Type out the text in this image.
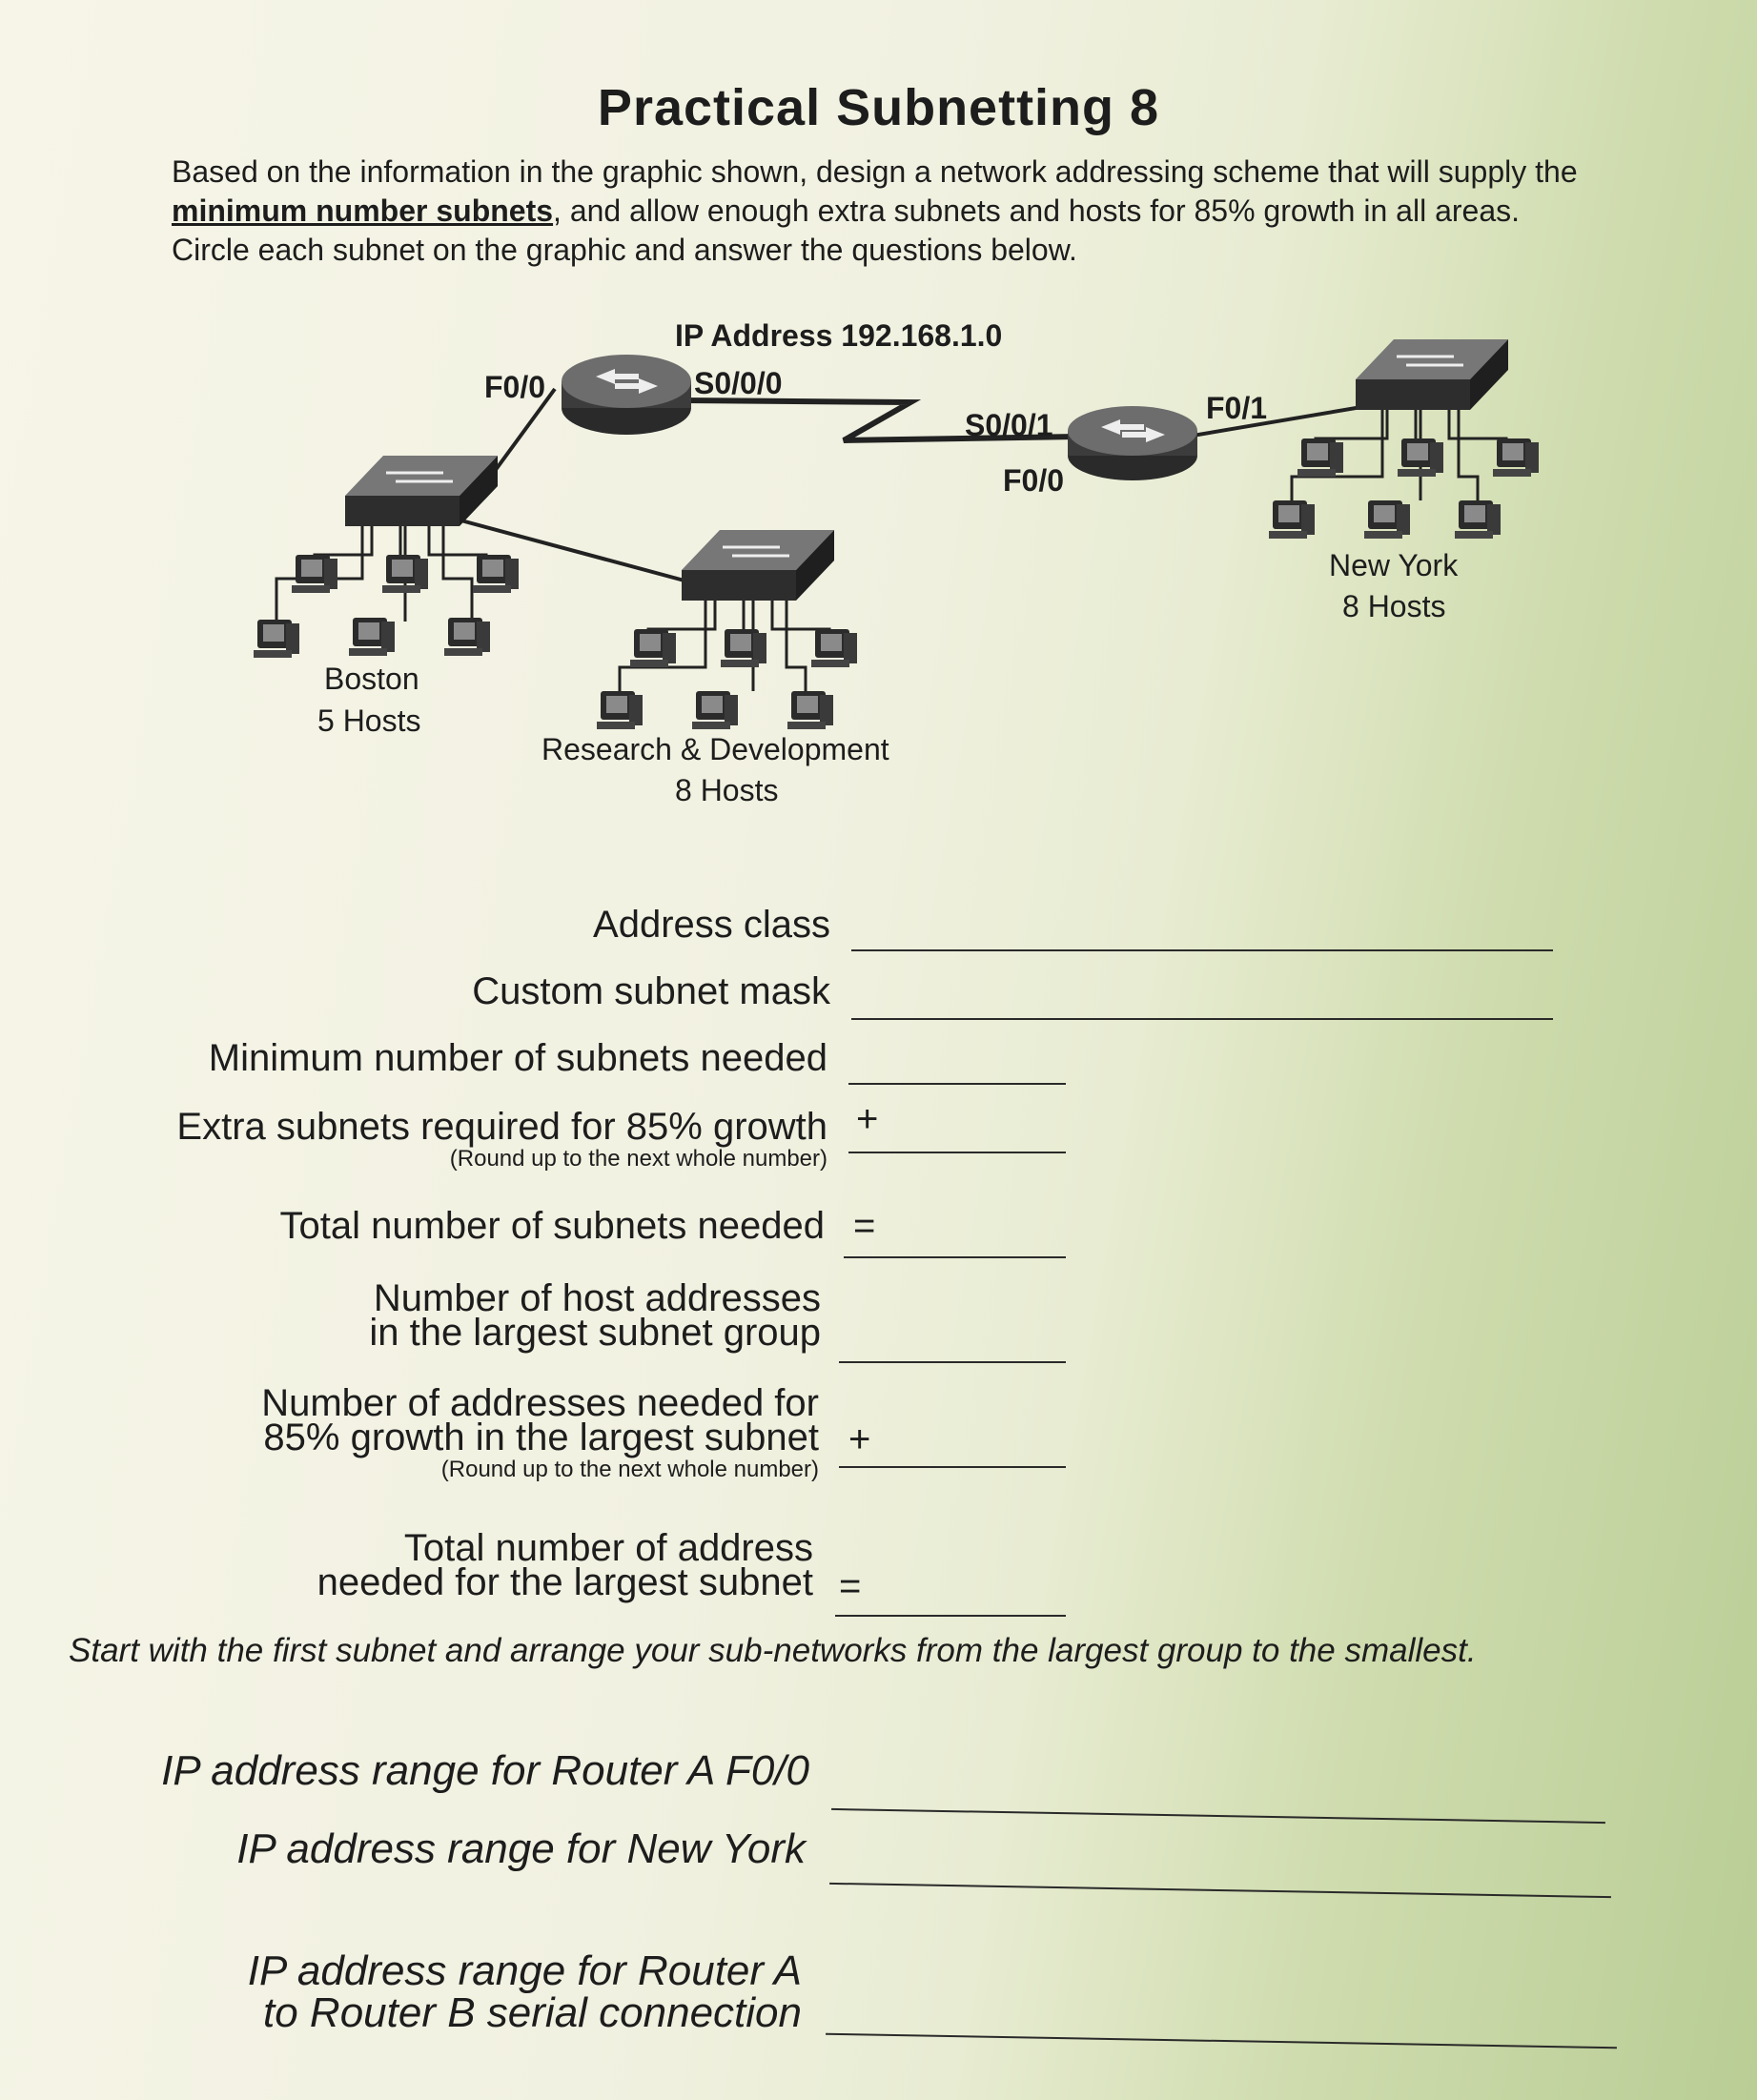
Practical Subnetting 8
Based on the information in the graphic shown, design a network addressing scheme that will supply the minimum number subnets, and allow enough extra subnets and hosts for 85% growth in all areas. Circle each subnet on the graphic and answer the questions below.
IP Address 192.168.1.0
F0/0	S0/0/0
S0/0/1
F0/0
F0/1
Boston
5 Hosts
Research & Development
8 Hosts
New York
8 Hosts
Address class
Custom subnet mask
Minimum number of subnets needed
Extra subnets required for 85% growth
(Round up to the next whole number)
+
Total number of subnets needed =
Number of host addresses
in the largest subnet group
Number of addresses needed for
85% growth in the largest subnet
(Round up to the next whole number)
+
Total number of address
needed for the largest subnet =
Start with the first subnet and arrange your sub-networks from the largest group to the smallest.
IP address range for Router A F0/0
IP address range for New York
IP address range for Router A
to Router B serial connection
